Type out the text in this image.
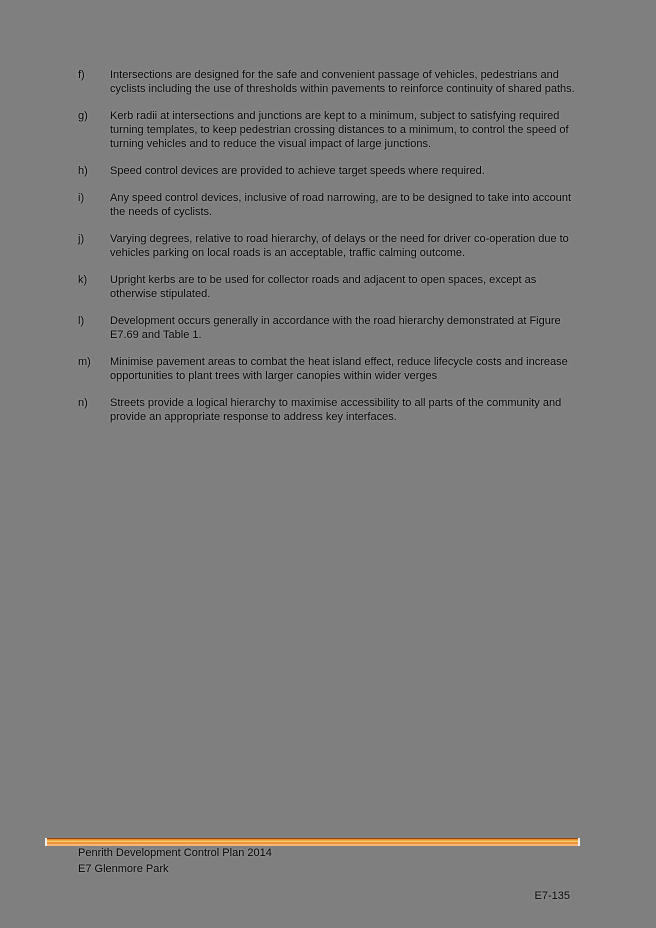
f)	Intersections are designed for the safe and convenient passage of vehicles, pedestrians and cyclists including the use of thresholds within pavements to reinforce continuity of shared paths.
g)	Kerb radii at intersections and junctions are kept to a minimum, subject to satisfying required turning templates, to keep pedestrian crossing distances to a minimum, to control the speed of turning vehicles and to reduce the visual impact of large junctions.
h)	Speed control devices are provided to achieve target speeds where required.
i)	Any speed control devices, inclusive of road narrowing, are to be designed to take into account the needs of cyclists.
j)	Varying degrees, relative to road hierarchy, of delays or the need for driver co-operation due to vehicles parking on local roads is an acceptable, traffic calming outcome.
k)	Upright kerbs are to be used for collector roads and adjacent to open spaces, except as otherwise stipulated.
l)	Development occurs generally in accordance with the road hierarchy demonstrated at Figure E7.69 and Table 1.
m)	Minimise pavement areas to combat the heat island effect, reduce lifecycle costs and increase opportunities to plant trees with larger canopies within wider verges
n)	Streets provide a logical hierarchy to maximise accessibility to all parts of the community and provide an appropriate response to address key interfaces.
Penrith Development Control Plan 2014
E7 Glenmore Park
E7-135
